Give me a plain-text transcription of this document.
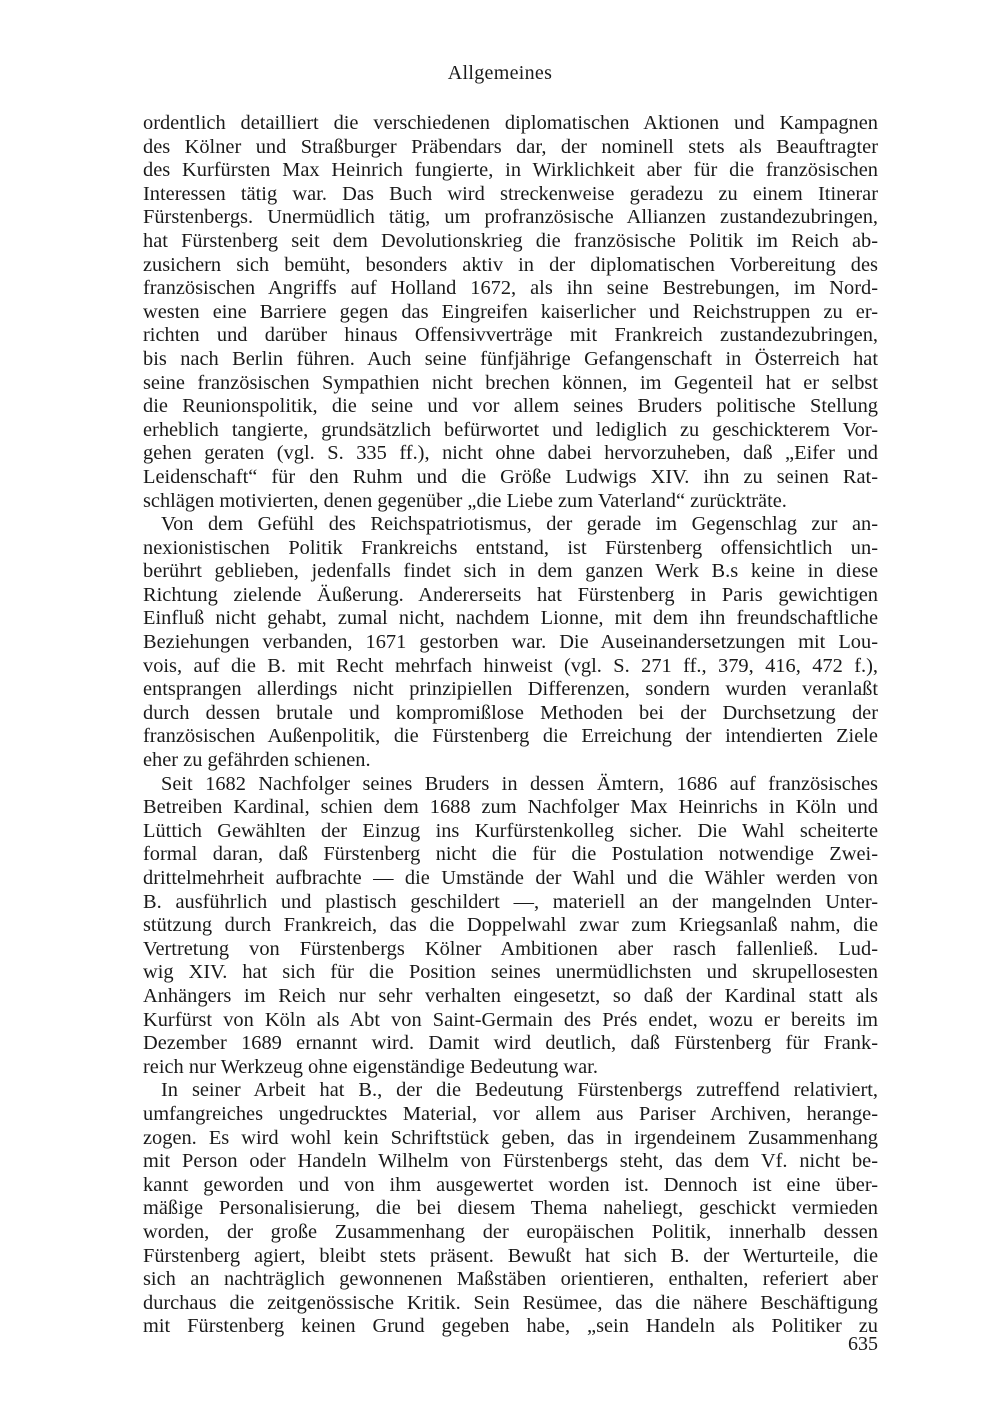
Allgemeines
ordentlich detailliert die verschiedenen diplomatischen Aktionen und Kampagnen
des Kölner und Straßburger Präbendars dar, der nominell stets als Beauftragter
des Kurfürsten Max Heinrich fungierte, in Wirklichkeit aber für die französischen
Interessen tätig war. Das Buch wird streckenweise geradezu zu einem Itinerar
Fürstenbergs. Unermüdlich tätig, um profranzösische Allianzen zustandezubringen,
hat Fürstenberg seit dem Devolutionskrieg die französische Politik im Reich ab-
zusichern sich bemüht, besonders aktiv in der diplomatischen Vorbereitung des
französischen Angriffs auf Holland 1672, als ihn seine Bestrebungen, im Nord-
westen eine Barriere gegen das Eingreifen kaiserlicher und Reichstruppen zu er-
richten und darüber hinaus Offensivverträge mit Frankreich zustandezubringen,
bis nach Berlin führen. Auch seine fünfjährige Gefangenschaft in Österreich hat
seine französischen Sympathien nicht brechen können, im Gegenteil hat er selbst
die Reunionspolitik, die seine und vor allem seines Bruders politische Stellung
erheblich tangierte, grundsätzlich befürwortet und lediglich zu geschickterem Vor-
gehen geraten (vgl. S. 335 ff.), nicht ohne dabei hervorzuheben, daß „Eifer und
Leidenschaft“ für den Ruhm und die Größe Ludwigs XIV. ihn zu seinen Rat-
schlägen motivierten, denen gegenüber „die Liebe zum Vaterland“ zurückträte.
Von dem Gefühl des Reichspatriotismus, der gerade im Gegenschlag zur an-
nexionistischen Politik Frankreichs entstand, ist Fürstenberg offensichtlich un-
berührt geblieben, jedenfalls findet sich in dem ganzen Werk B.s keine in diese
Richtung zielende Äußerung. Andererseits hat Fürstenberg in Paris gewichtigen
Einfluß nicht gehabt, zumal nicht, nachdem Lionne, mit dem ihn freundschaftliche
Beziehungen verbanden, 1671 gestorben war. Die Auseinandersetzungen mit Lou-
vois, auf die B. mit Recht mehrfach hinweist (vgl. S. 271 ff., 379, 416, 472 f.),
entsprangen allerdings nicht prinzipiellen Differenzen, sondern wurden veranlaßt
durch dessen brutale und kompromißlose Methoden bei der Durchsetzung der
französischen Außenpolitik, die Fürstenberg die Erreichung der intendierten Ziele
eher zu gefährden schienen.
Seit 1682 Nachfolger seines Bruders in dessen Ämtern, 1686 auf französisches
Betreiben Kardinal, schien dem 1688 zum Nachfolger Max Heinrichs in Köln und
Lüttich Gewählten der Einzug ins Kurfürstenkolleg sicher. Die Wahl scheiterte
formal daran, daß Fürstenberg nicht die für die Postulation notwendige Zwei-
drittelmehrheit aufbrachte — die Umstände der Wahl und die Wähler werden von
B. ausführlich und plastisch geschildert —, materiell an der mangelnden Unter-
stützung durch Frankreich, das die Doppelwahl zwar zum Kriegsanlaß nahm, die
Vertretung von Fürstenbergs Kölner Ambitionen aber rasch fallenließ. Lud-
wig XIV. hat sich für die Position seines unermüdlichsten und skrupellosesten
Anhängers im Reich nur sehr verhalten eingesetzt, so daß der Kardinal statt als
Kurfürst von Köln als Abt von Saint-Germain des Prés endet, wozu er bereits im
Dezember 1689 ernannt wird. Damit wird deutlich, daß Fürstenberg für Frank-
reich nur Werkzeug ohne eigenständige Bedeutung war.
In seiner Arbeit hat B., der die Bedeutung Fürstenbergs zutreffend relativiert,
umfangreiches ungedrucktes Material, vor allem aus Pariser Archiven, herange-
zogen. Es wird wohl kein Schriftstück geben, das in irgendeinem Zusammenhang
mit Person oder Handeln Wilhelm von Fürstenbergs steht, das dem Vf. nicht be-
kannt geworden und von ihm ausgewertet worden ist. Dennoch ist eine über-
mäßige Personalisierung, die bei diesem Thema naheliegt, geschickt vermieden
worden, der große Zusammenhang der europäischen Politik, innerhalb dessen
Fürstenberg agiert, bleibt stets präsent. Bewußt hat sich B. der Werturteile, die
sich an nachträglich gewonnenen Maßstäben orientieren, enthalten, referiert aber
durchaus die zeitgenössische Kritik. Sein Resümee, das die nähere Beschäftigung
mit Fürstenberg keinen Grund gegeben habe, „sein Handeln als Politiker zu
635
